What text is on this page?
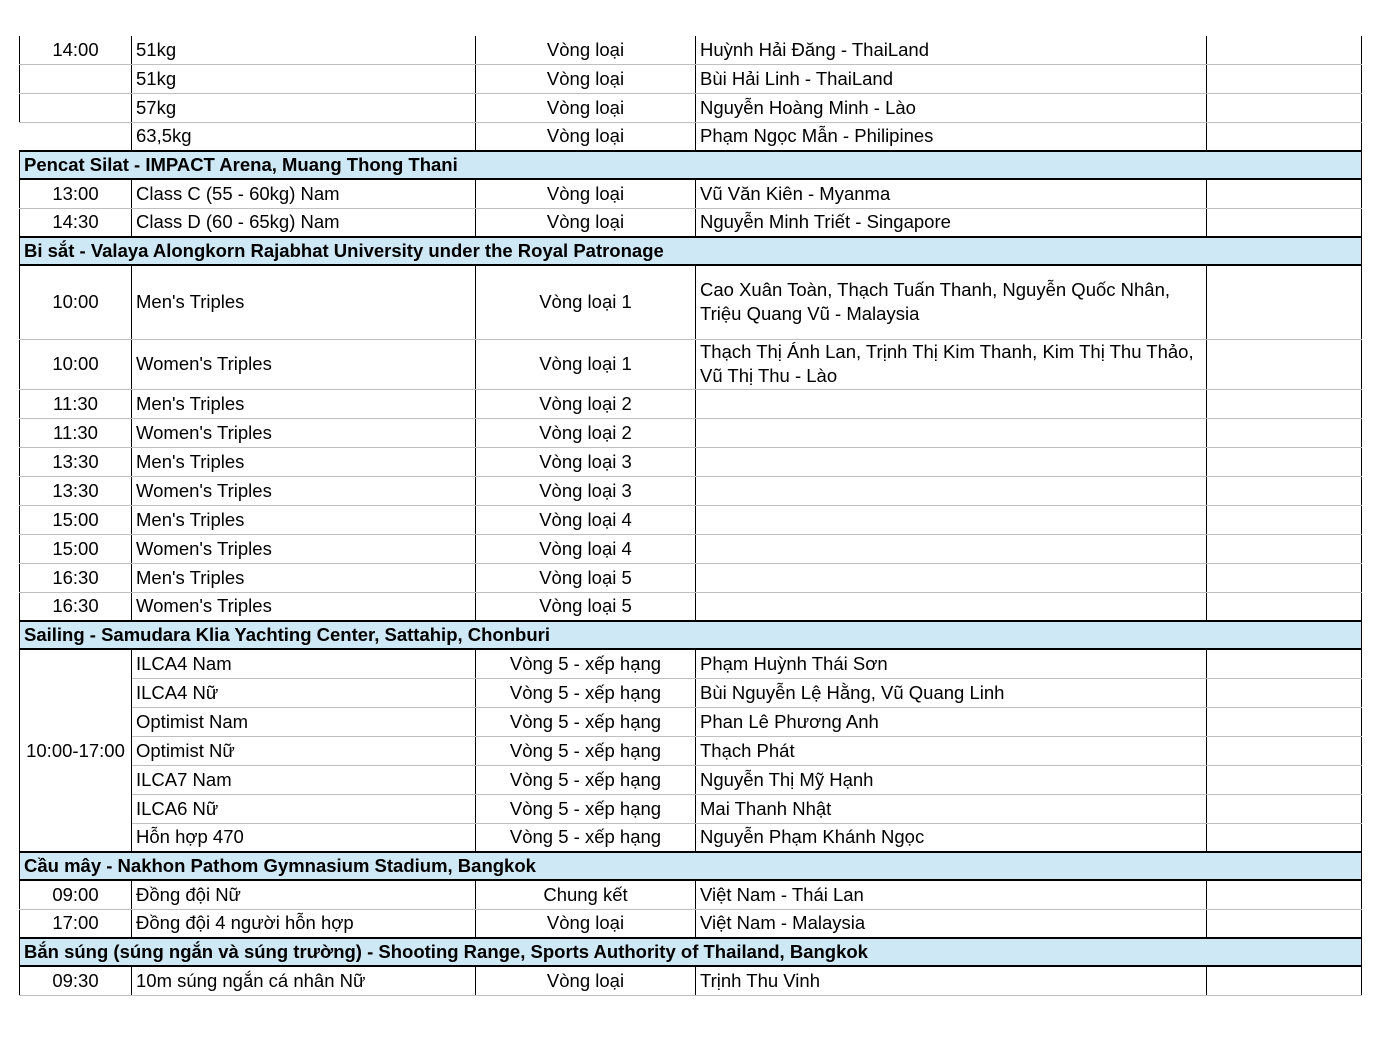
14:00	51kg	Vòng loại	Huỳnh Hải Đăng - ThaiLand	
	51kg	Vòng loại	Bùi Hải Linh - ThaiLand	
	57kg	Vòng loại	Nguyễn Hoàng Minh - Lào	
	63,5kg	Vòng loại	Phạm Ngọc Mẫn - Philipines	
Pencat Silat - IMPACT Arena, Muang Thong Thani				
13:00	Class C (55 - 60kg) Nam	Vòng loại	Vũ Văn Kiên - Myanma	
14:30	Class D (60 - 65kg) Nam	Vòng loại	Nguyễn Minh Triết - Singapore	
Bi sắt - Valaya Alongkorn Rajabhat University under the Royal Patronage				
10:00	Men's Triples	Vòng loại 1	Cao Xuân Toàn, Thạch Tuấn Thanh, Nguyễn Quốc Nhân, Triệu Quang Vũ - Malaysia	
10:00	Women's Triples	Vòng loại 1	Thạch Thị Ánh Lan, Trịnh Thị Kim Thanh, Kim Thị Thu Thảo, Vũ Thị Thu - Lào	
11:30	Men's Triples	Vòng loại 2		
11:30	Women's Triples	Vòng loại 2		
13:30	Men's Triples	Vòng loại 3		
13:30	Women's Triples	Vòng loại 3		
15:00	Men's Triples	Vòng loại 4		
15:00	Women's Triples	Vòng loại 4		
16:30	Men's Triples	Vòng loại 5		
16:30	Women's Triples	Vòng loại 5		
Sailing - Samudara Klia Yachting Center, Sattahip, Chonburi				
10:00-17:00	ILCA4 Nam	Vòng 5 - xếp hạng	Phạm Huỳnh Thái Sơn	
	ILCA4 Nữ	Vòng 5 - xếp hạng	Bùi Nguyễn Lệ Hằng, Vũ Quang Linh	
	Optimist Nam	Vòng 5 - xếp hạng	Phan Lê Phương Anh	
	Optimist Nữ	Vòng 5 - xếp hạng	Thạch Phát	
	ILCA7 Nam	Vòng 5 - xếp hạng	Nguyễn Thị Mỹ Hạnh	
	ILCA6 Nữ	Vòng 5 - xếp hạng	Mai Thanh Nhật	
	Hỗn hợp 470	Vòng 5 - xếp hạng	Nguyễn Phạm Khánh Ngọc	
Cầu mây - Nakhon Pathom Gymnasium Stadium, Bangkok				
09:00	Đồng đội Nữ	Chung kết	Việt Nam - Thái Lan	
17:00	Đồng đội 4 người hỗn hợp	Vòng loại	Việt Nam - Malaysia	
Bắn súng (súng ngắn và súng trường) - Shooting Range, Sports Authority of Thailand, Bangkok				
09:30	10m súng ngắn cá nhân Nữ	Vòng loại	Trịnh Thu Vinh	
